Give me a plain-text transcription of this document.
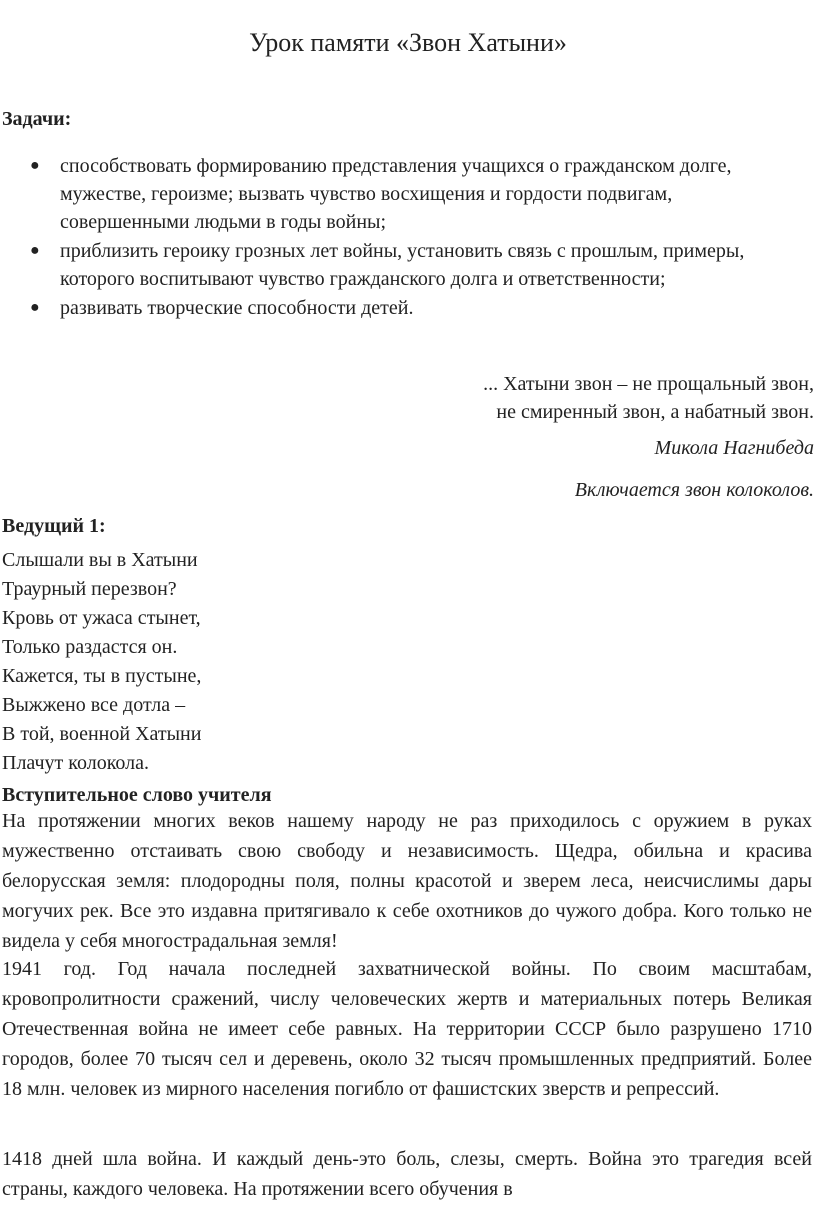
Урок памяти «Звон Хатыни»
Задачи:
● способствовать формированию представления учащихся о гражданском долге, мужестве, героизме; вызвать чувство восхищения и гордости подвигам, совершенными людьми в годы войны;
● приблизить героику грозных лет войны, установить связь с прошлым, примеры, которого воспитывают чувство гражданского долга и ответственности;
● развивать творческие способности детей.
... Хатыни звон – не прощальный звон,
не смиренный звон, а набатный звон.
Микола Нагнибеда
Включается звон колоколов.
Ведущий 1:
Слышали вы в Хатыни
Траурный перезвон?
Кровь от ужаса стынет,
Только раздастся он.
Кажется, ты в пустыне,
Выжжено все дотла –
В той, военной Хатыни
Плачут колокола.
Вступительное слово учителя
На протяжении многих веков нашему народу не раз приходилось с оружием в руках мужественно отстаивать свою свободу и независимость. Щедра, обильна и красива белорусская земля: плодородны поля, полны красотой и зверем леса, неисчислимы дары могучих рек. Все это издавна притягивало к себе охотников до чужого добра. Кого только не видела у себя многострадальная земля!
1941 год. Год начала последней захватнической войны. По своим масштабам, кровопролитности сражений, числу человеческих жертв и материальных потерь Великая Отечественная война не имеет себе равных. На территории СССР было разрушено 1710 городов, более 70 тысяч сел и деревень, около 32 тысяч промышленных предприятий. Более 18 млн. человек из мирного населения погибло от фашистских зверств и репрессий.
1418 дней шла война. И каждый день-это боль, слезы, смерть. Война это трагедия всей страны, каждого человека. На протяжении всего обучения в
